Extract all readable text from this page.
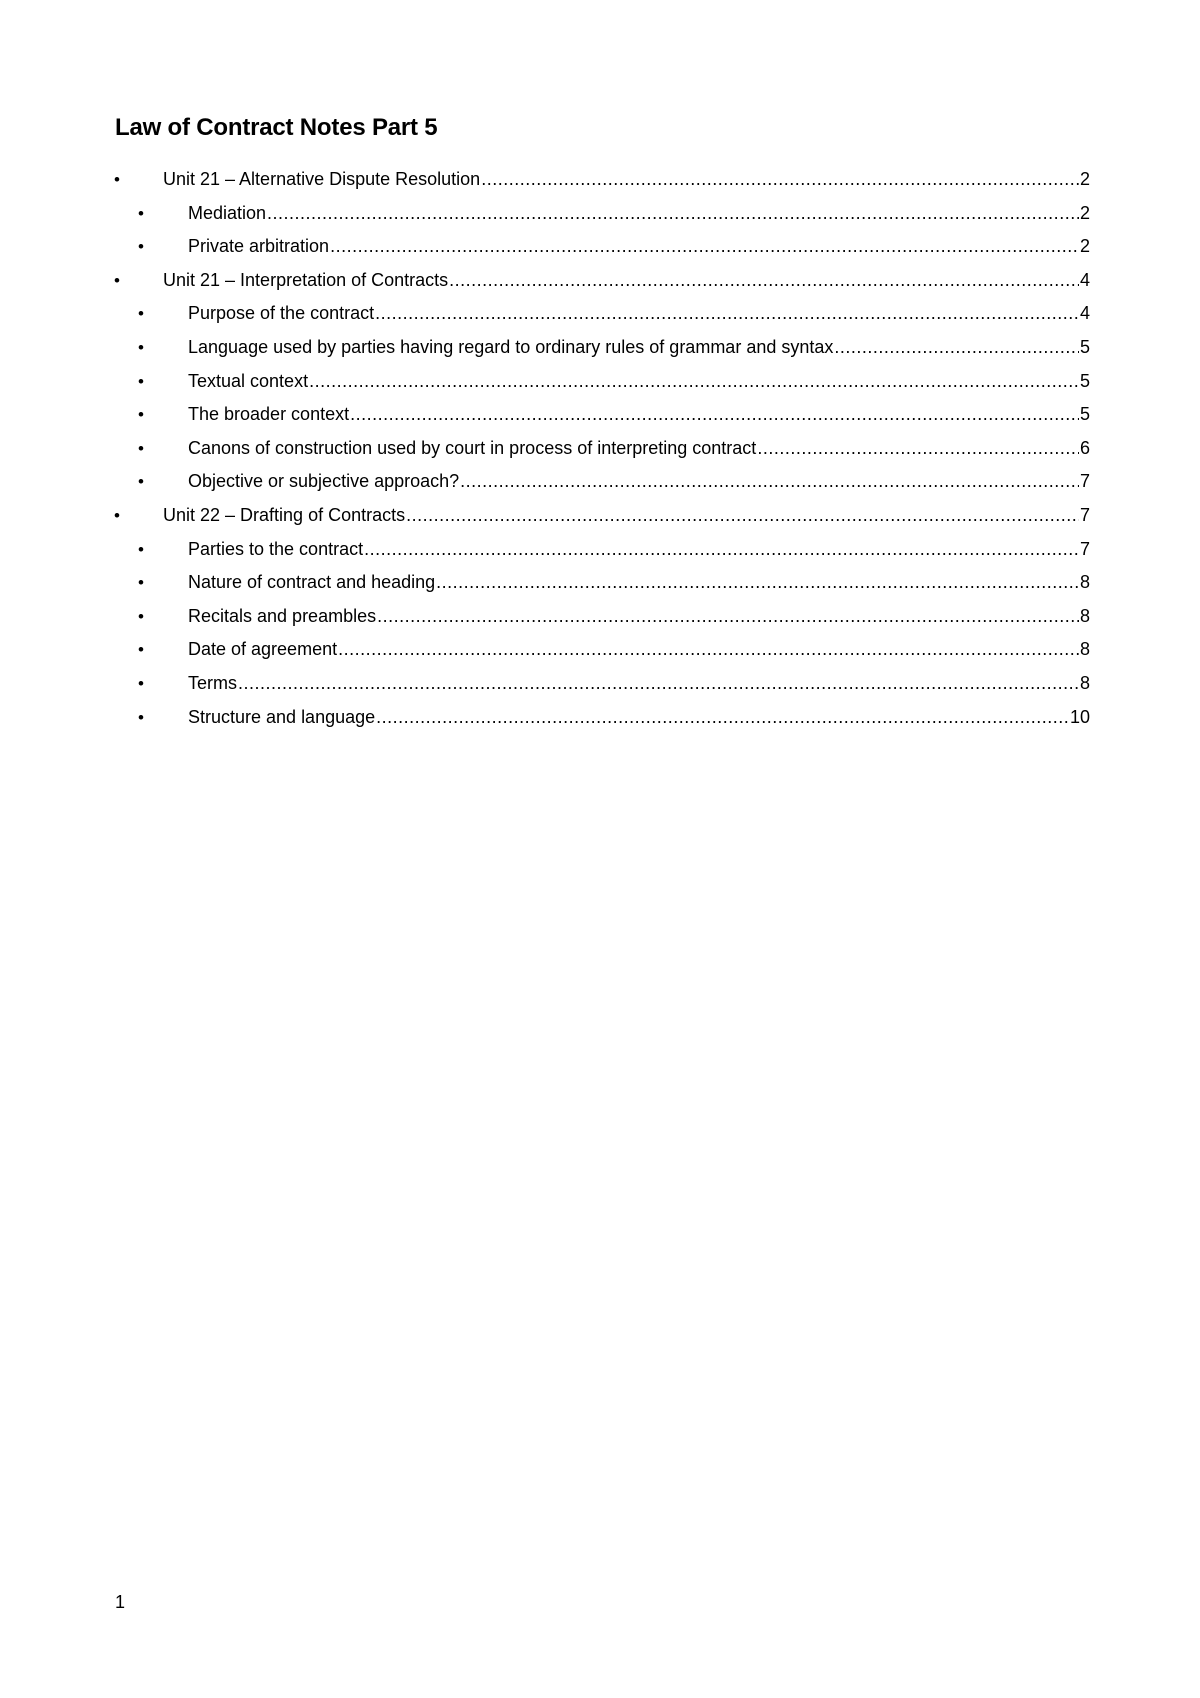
Law of Contract Notes Part 5
•	Unit 21 – Alternative Dispute Resolution .....	2
•	Mediation .....	2
•	Private arbitration .....	2
•	Unit 21 – Interpretation of Contracts .....	4
•	Purpose of the contract .....	4
•	Language used by parties having regard to ordinary rules of grammar and syntax .....	5
•	Textual context .....	5
•	The broader context .....	5
•	Canons of construction used by court in process of interpreting contract .....	6
•	Objective or subjective approach? .....	7
•	Unit 22 – Drafting of Contracts .....	7
•	Parties to the contract .....	7
•	Nature of contract and heading .....	8
•	Recitals and preambles .....	8
•	Date of agreement .....	8
•	Terms .....	8
•	Structure and language .....	10
1
